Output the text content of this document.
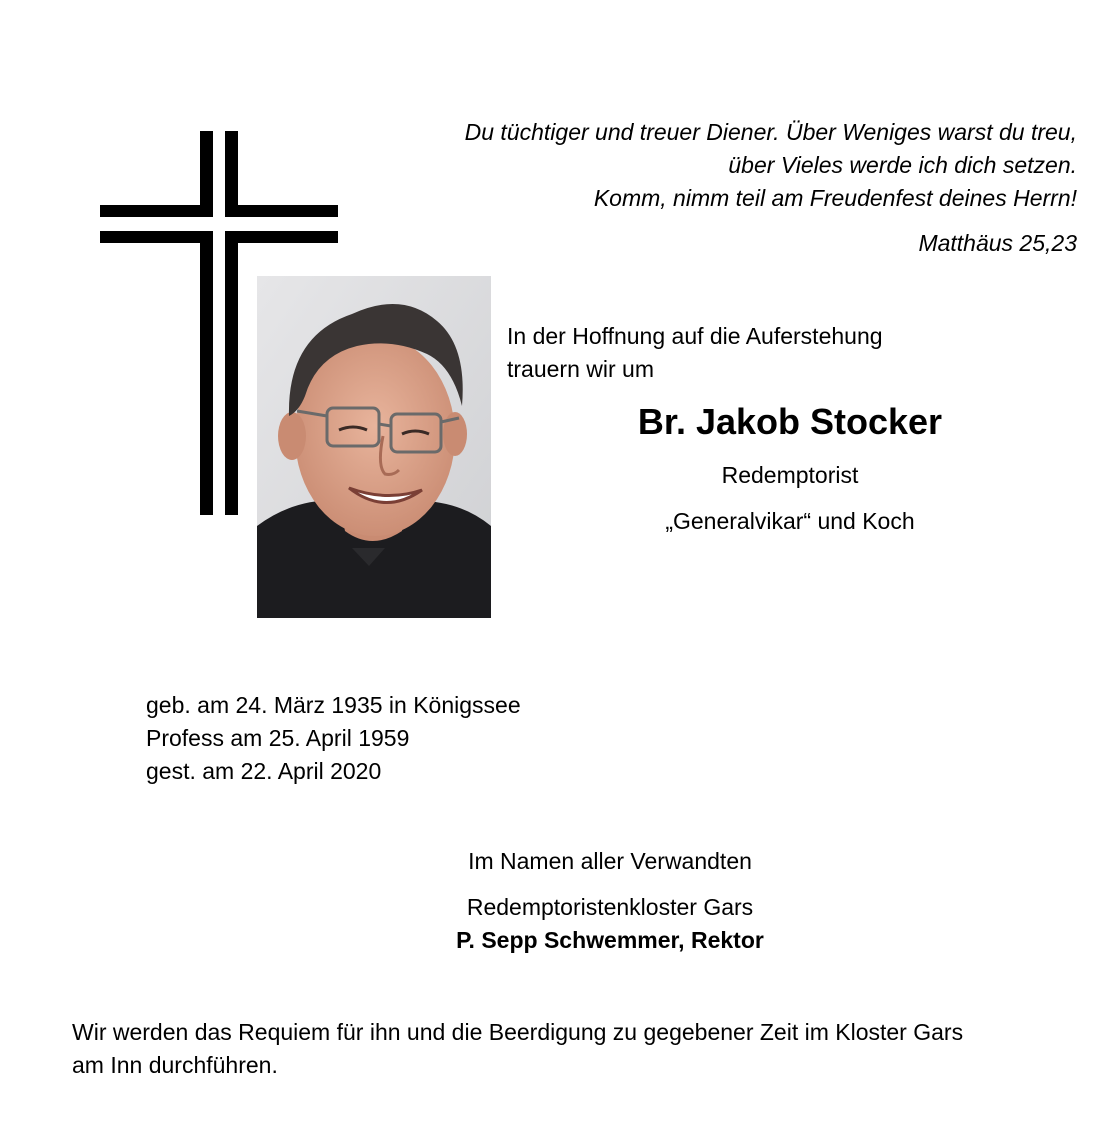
Du tüchtiger und treuer Diener. Über Weniges warst du treu,
über Vieles werde ich dich setzen.
Komm, nimm teil am Freudenfest deines Herrn!
Matthäus 25,23
In der Hoffnung auf die Auferstehung
trauern wir um
Br. Jakob Stocker
Redemptorist
„Generalvikar“ und Koch
geb. am 24. März 1935 in Königssee
Profess am 25. April 1959
gest. am 22. April 2020
Im Namen aller Verwandten
Redemptoristenkloster Gars
P. Sepp Schwemmer, Rektor
Wir werden das Requiem für ihn und die Beerdigung zu gegebener Zeit im Kloster Gars
am Inn durchführen.
